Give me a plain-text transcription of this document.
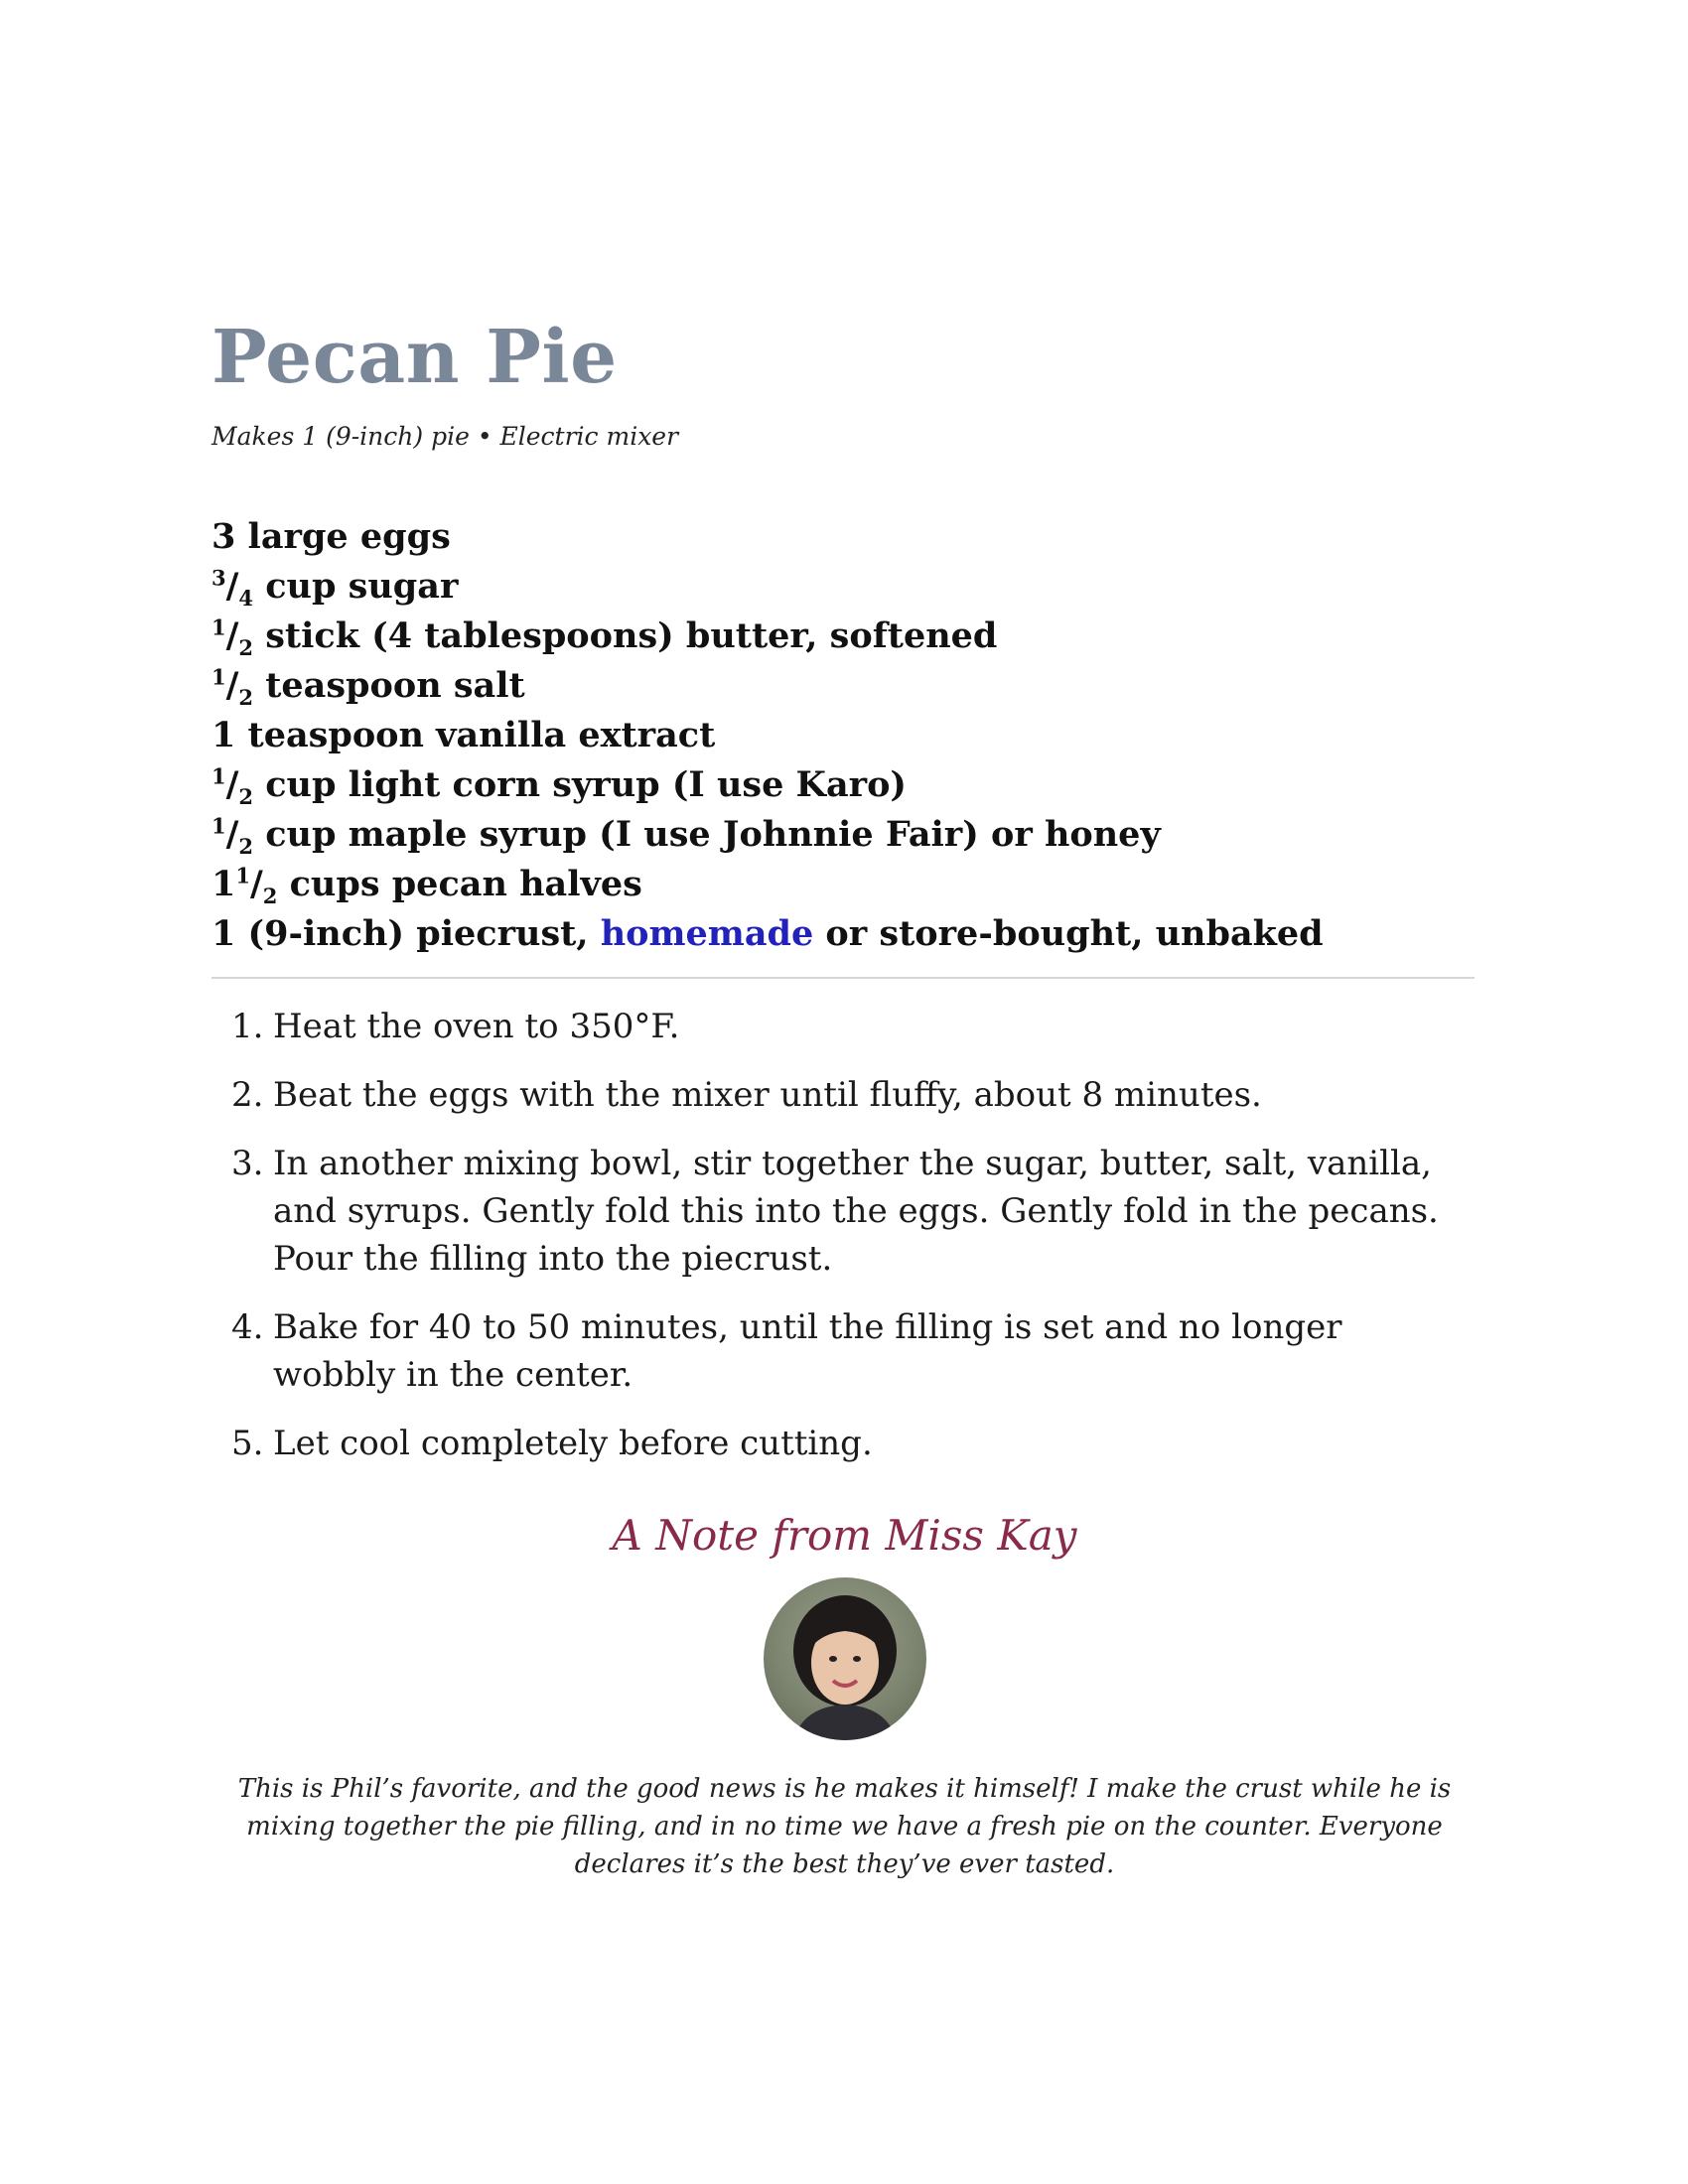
Pecan Pie
Makes 1 (9-inch) pie • Electric mixer
3 large eggs
$^3/_4$ cup sugar
$^1/_2$ stick (4 tablespoons) butter, softened
$^1/_2$ teaspoon salt
1 teaspoon vanilla extract
$^1/_2$ cup light corn syrup (I use Karo)
$^1/_2$ cup maple syrup (I use Johnnie Fair) or honey
$1^1/_2$ cups pecan halves
1 (9-inch) piecrust, homemade or store-bought, unbaked
1. Heat the oven to 350°F.
2. Beat the eggs with the mixer until fluffy, about 8 minutes.
3. In another mixing bowl, stir together the sugar, butter, salt, vanilla, and syrups. Gently fold this into the eggs. Gently fold in the pecans. Pour the filling into the piecrust.
4. Bake for 40 to 50 minutes, until the filling is set and no longer wobbly in the center.
5. Let cool completely before cutting.
A Note from Miss Kay
This is Phil’s favorite, and the good news is he makes it himself! I make the crust while he is mixing together the pie filling, and in no time we have a fresh pie on the counter. Everyone declares it’s the best they’ve ever tasted.
